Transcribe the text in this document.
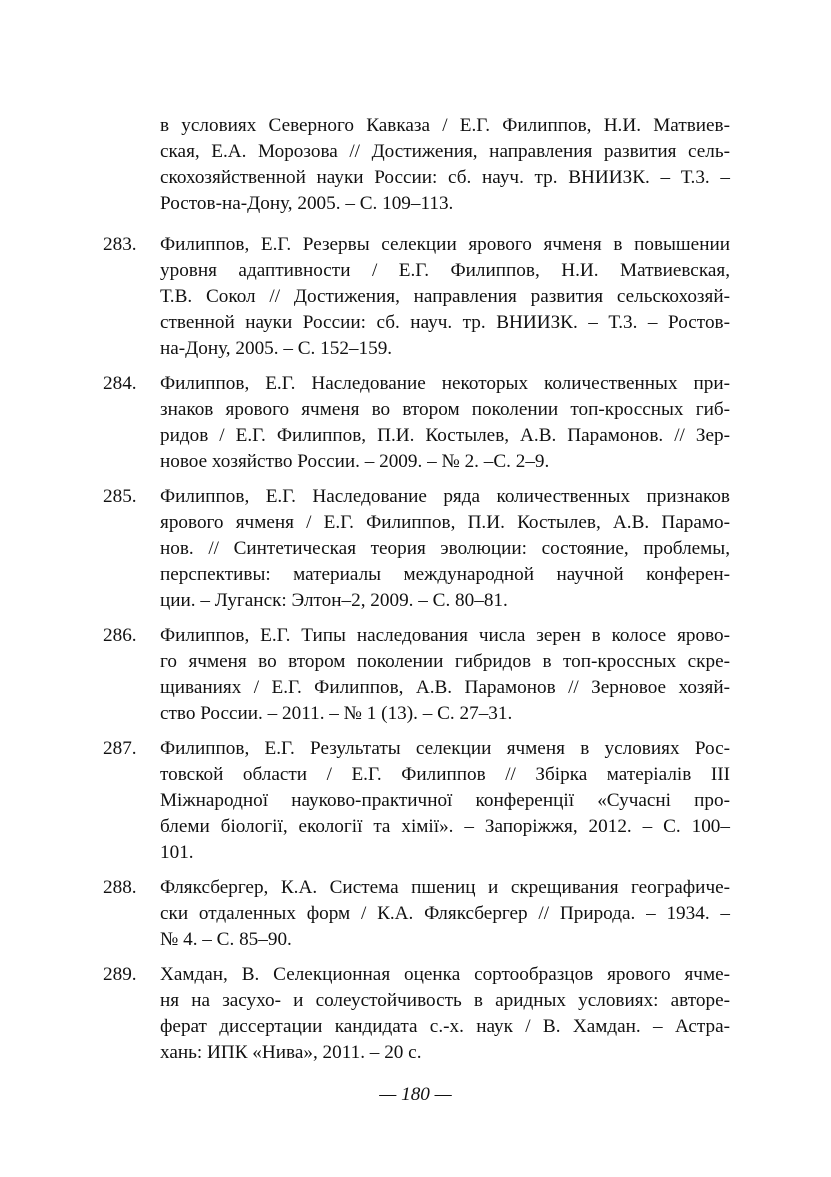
в условиях Северного Кавказа / Е.Г. Филиппов, Н.И. Матвиев-
ская, Е.А. Морозова // Достижения, направления развития сель-
скохозяйственной науки России: сб. науч. тр. ВНИИЗК. – Т.3. –
Ростов-на-Дону, 2005. – С. 109–113.
283. Филиппов, Е.Г. Резервы селекции ярового ячменя в повышении
уровня адаптивности / Е.Г. Филиппов, Н.И. Матвиевская,
Т.В. Сокол // Достижения, направления развития сельскохозяй-
ственной науки России: сб. науч. тр. ВНИИЗК. – Т.3. – Ростов-
на-Дону, 2005. – С. 152–159.
284. Филиппов, Е.Г. Наследование некоторых количественных при-
знаков ярового ячменя во втором поколении топ-кроссных гиб-
ридов / Е.Г. Филиппов, П.И. Костылев, А.В. Парамонов. // Зер-
новое хозяйство России. – 2009. – № 2. –С. 2–9.
285. Филиппов, Е.Г. Наследование ряда количественных признаков
ярового ячменя / Е.Г. Филиппов, П.И. Костылев, А.В. Парамо-
нов. // Синтетическая теория эволюции: состояние, проблемы,
перспективы: материалы международной научной конферен-
ции. – Луганск: Элтон–2, 2009. – С. 80–81.
286. Филиппов, Е.Г. Типы наследования числа зерен в колосе ярово-
го ячменя во втором поколении гибридов в топ-кроссных скре-
щиваниях / Е.Г. Филиппов, А.В. Парамонов // Зерновое хозяй-
ство России. – 2011. – № 1 (13). – С. 27–31.
287. Филиппов, Е.Г. Результаты селекции ячменя в условиях Рос-
товской области / Е.Г. Филиппов // Збірка матеріалів III
Міжнародної науково-практичної конференції «Сучасні про-
блеми біології, екології та хімії». – Запоріжжя, 2012. – С. 100–
101.
288. Фляксбергер, К.А. Система пшениц и скрещивания географиче-
ски отдаленных форм / К.А. Фляксбергер // Природа. – 1934. –
№ 4. – С. 85–90.
289. Хамдан, В. Селекционная оценка сортообразцов ярового ячме-
ня на засухо- и солеустойчивость в аридных условиях: автоpe-
ферат диссертации кандидата с.-х. наук / В. Хамдан. – Астра-
хань: ИПК «Нива», 2011. – 20 с.
— 180 —
